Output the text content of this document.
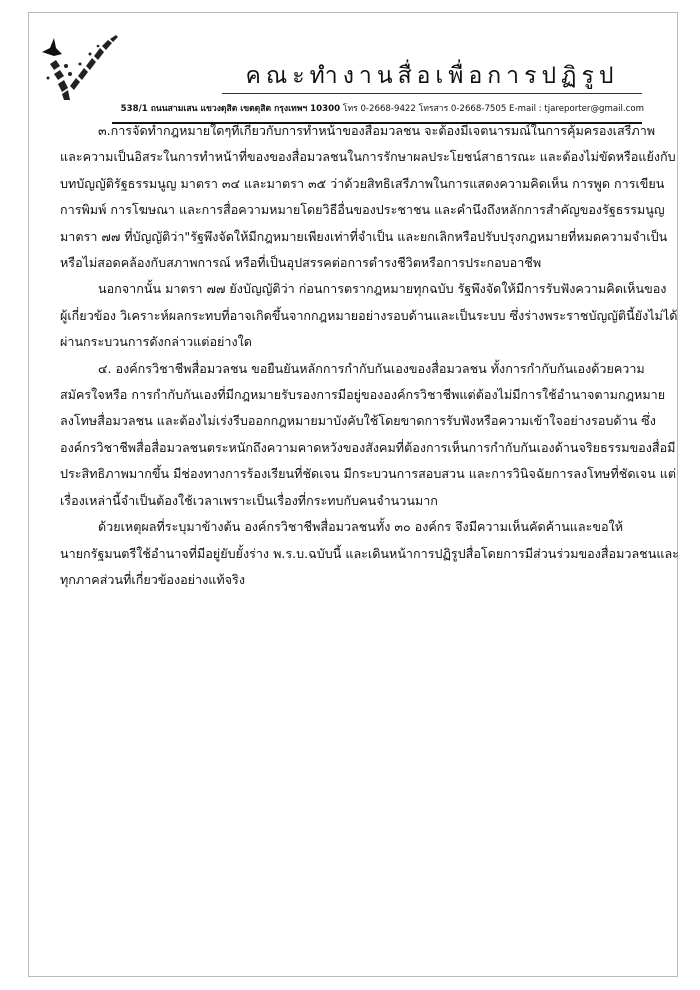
คณะทำงานสื่อเพื่อการปฏิรูป
538/1 ถนนสามเสน แขวงดุสิต เขตดุสิต กรุงเทพฯ 10300 โทร 0-2668-9422 โทรสาร 0-2668-7505 E-mail : tjareporter@gmail.com
๓.การจัดทำกฎหมายใดๆที่เกี่ยวกับการทำหน้าของสื่อมวลชน จะต้องมีเจตนารมณ์ในการคุ้มครองเสรีภาพ
และความเป็นอิสระในการทำหน้าที่ของของสื่อมวลชนในการรักษาผลประโยชน์สาธารณะ และต้องไม่ขัดหรือแย้งกับ
บทบัญญัติรัฐธรรมนูญ มาตรา ๓๔ และมาตรา ๓๕ ว่าด้วยสิทธิเสรีภาพในการแสดงความคิดเห็น การพูด การเขียน
การพิมพ์ การโฆษณา และการสื่อความหมายโดยวิธีอื่นของประชาชน และคำนึงถึงหลักการสำคัญของรัฐธรรมนูญ
มาตรา ๗๗ ที่บัญญัติว่า"รัฐพึงจัดให้มีกฎหมายเพียงเท่าที่จำเป็น และยกเลิกหรือปรับปรุงกฎหมายที่หมดความจำเป็น
หรือไม่สอดคล้องกับสภาพการณ์ หรือที่เป็นอุปสรรคต่อการดำรงชีวิตหรือการประกอบอาชีพ
นอกจากนั้น มาตรา ๗๗ ยังบัญญัติว่า ก่อนการตรากฎหมายทุกฉบับ รัฐพึงจัดให้มีการรับฟังความคิดเห็นของ
ผู้เกี่ยวข้อง วิเคราะห์ผลกระทบที่อาจเกิดขึ้นจากกฎหมายอย่างรอบด้านและเป็นระบบ ซึ่งร่างพระราชบัญญัตินี้ยังไม่ได้
ผ่านกระบวนการดังกล่าวแต่อย่างใด
๔. องค์กรวิชาชีพสื่อมวลชน ขอยืนยันหลักการกำกับกันเองของสื่อมวลชน ทั้งการกำกับกันเองด้วยความ
สมัครใจหรือ การกำกับกันเองที่มีกฎหมายรับรองการมีอยู่ขององค์กรวิชาชีพแต่ต้องไม่มีการใช้อำนาจตามกฎหมาย
ลงโทษสื่อมวลชน และต้องไม่เร่งรีบออกกฎหมายมาบังคับใช้โดยขาดการรับฟังหรือความเข้าใจอย่างรอบด้าน ซึ่ง
องค์กรวิชาชีพสื่อสื่อมวลชนตระหนักถึงความคาดหวังของสังคมที่ต้องการเห็นการกำกับกันเองด้านจริยธรรมของสื่อมี
ประสิทธิภาพมากขึ้น มีช่องทางการร้องเรียนที่ชัดเจน มีกระบวนการสอบสวน และการวินิจฉัยการลงโทษที่ชัดเจน แต่
เรื่องเหล่านี้จำเป็นต้องใช้เวลาเพราะเป็นเรื่องที่กระทบกับคนจำนวนมาก
ด้วยเหตุผลที่ระบุมาข้างต้น องค์กรวิชาชีพสื่อมวลชนทั้ง ๓๐ องค์กร จึงมีความเห็นคัดค้านและขอให้
นายกรัฐมนตรีใช้อำนาจที่มีอยู่ยับยั้งร่าง พ.ร.บ.ฉบับนี้ และเดินหน้าการปฏิรูปสื่อโดยการมีส่วนร่วมของสื่อมวลชนและ
ทุกภาคส่วนที่เกี่ยวข้องอย่างแท้จริง
